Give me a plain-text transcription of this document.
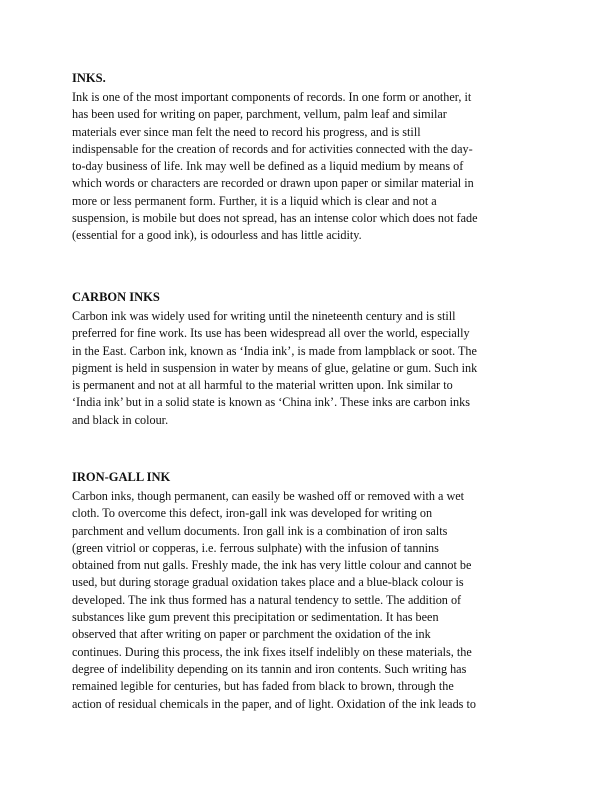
INKS.

Ink is one of the most important components of records. In one form or another, it
has been used for writing on paper, parchment, vellum, palm leaf and similar
materials ever since man felt the need to record his progress, and is still
indispensable for the creation of records and for activities connected with the day-
to-day business of life. Ink may well be defined as a liquid medium by means of
which words or characters are recorded or drawn upon paper or similar material in
more or less permanent form. Further, it is a liquid which is clear and not a
suspension, is mobile but does not spread, has an intense color which does not fade
(essential for a good ink), is odourless and has little acidity.

CARBON INKS

Carbon ink was widely used for writing until the nineteenth century and is still
preferred for fine work. Its use has been widespread all over the world, especially
in the East. Carbon ink, known as ‘India ink’, is made from lampblack or soot. The
pigment is held in suspension in water by means of glue, gelatine or gum. Such ink
is permanent and not at all harmful to the material written upon. Ink similar to
‘India ink’ but in a solid state is known as ‘China ink’. These inks are carbon inks
and black in colour.

IRON-GALL INK

Carbon inks, though permanent, can easily be washed off or removed with a wet
cloth. To overcome this defect, iron-gall ink was developed for writing on
parchment and vellum documents. Iron gall ink is a combination of iron salts
(green vitriol or copperas, i.e. ferrous sulphate) with the infusion of tannins
obtained from nut galls. Freshly made, the ink has very little colour and cannot be
used, but during storage gradual oxidation takes place and a blue-black colour is
developed. The ink thus formed has a natural tendency to settle. The addition of
substances like gum prevent this precipitation or sedimentation. It has been
observed that after writing on paper or parchment the oxidation of the ink
continues. During this process, the ink fixes itself indelibly on these materials, the
degree of indelibility depending on its tannin and iron contents. Such writing has
remained legible for centuries, but has faded from black to brown, through the
action of residual chemicals in the paper, and of light. Oxidation of the ink leads to
